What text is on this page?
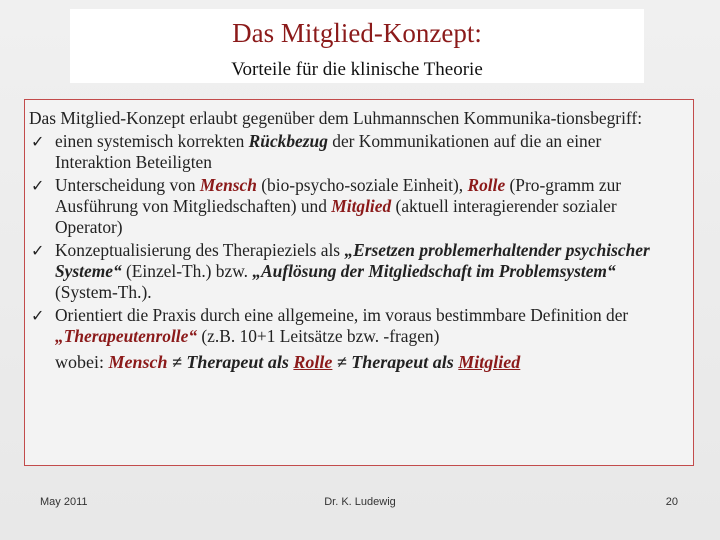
Das Mitglied-Konzept:
Vorteile für die klinische Theorie

Das Mitglied-Konzept erlaubt gegenüber dem Luhmannschen Kommunika-tionsbegriff:

✓ einen systemisch korrekten Rückbezug der Kommunikationen auf die an einer Interaktion Beteiligten
✓ Unterscheidung von Mensch (bio-psycho-soziale Einheit), Rolle (Pro-gramm zur Ausführung von Mitgliedschaften) und Mitglied (aktuell interagierender sozialer Operator)
✓ Konzeptualisierung des Therapieziels als „Ersetzen problemerhaltender psychischer Systeme“ (Einzel-Th.) bzw. „Auflösung der Mitgliedschaft im Problemsystem“ (System-Th.).
✓ Orientiert die Praxis durch eine allgemeine, im voraus bestimmbare Definition der „Therapeutenrolle“ (z.B. 10+1 Leitsätze bzw. -fragen)
wobei: Mensch ≠ Therapeut als Rolle ≠ Therapeut als Mitglied
May 2011	Dr. K. Ludewig	20
